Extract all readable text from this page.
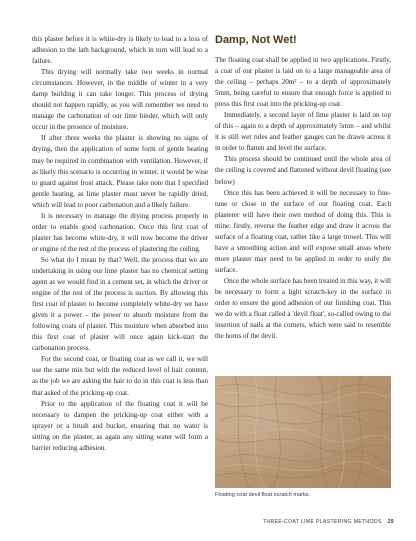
this plaster before it is white-dry is likely to lead to a loss of adhesion to the lath background, which in turn will lead to a failure.

This drying will normally take two weeks in normal circumstances. However, in the middle of winter in a very damp building it can take longer. This process of drying should not happen rapidly, as you will remember we need to manage the carbonation of our lime binder, which will only occur in the presence of moisture.

If after three weeks the plaster is showing no signs of drying, then the application of some form of gentle heating may be required in combination with ventilation. However, if as likely this scenario is occurring in winter, it would be wise to guard against frost attack. Please take note that I specified gentle heating, as lime plaster must never be rapidly dried, which will lead to poor carbonation and a likely failure.

It is necessary to manage the drying process properly in order to enable good carbonation. Once this first coat of plaster has become white-dry, it will now become the driver or engine of the rest of the process of plastering the ceiling.

So what do I mean by that? Well, the process that we are undertaking in using our lime plaster has no chemical setting agent as we would find in a cement set, in which the driver or engine of the rest of the process is suction. By allowing this first coat of plaster to become completely white-dry we have given it a power – the power to absorb moisture from the following coats of plaster. This moisture when absorbed into this first coat of plaster will once again kick-start the carbonation process.

For the second coat, or floating coat as we call it, we will use the same mix but with the reduced level of hair content, as the job we are asking the hair to do in this coat is less than that asked of the pricking-up coat.

Prior to the application of the floating coat it will be necessary to dampen the pricking-up coat either with a sprayer or a brush and bucket, ensuring that no water is sitting on the plaster, as again any sitting water will form a barrier reducing adhesion.

Damp, Not Wet!

The floating coat shall be applied in two applications. Firstly, a coat of our plaster is laid on to a large manageable area of the ceiling – perhaps 20m² – to a depth of approximately 5mm, being careful to ensure that enough force is applied to press this first coat into the pricking-up coat.

Immediately, a second layer of lime plaster is laid on top of this – again to a depth of approximately 5mm – and whilst it is still wet rules and feather gauges can be drawn across it in order to flatten and level the surface.

This process should be continued until the whole area of the ceiling is covered and flattened without devil floating (see below)

Once this has been achieved it will be necessary to fine-tune or close in the surface of our floating coat. Each plasterer will have their own method of doing this. This is mine: firstly, reverse the feather edge and draw it across the surface of a floating coat, rather like a large trowel. This will have a smoothing action and will expose small areas where more plaster may need to be applied in order to unify the surface.

Once the whole surface has been treated in this way, it will be necessary to form a light scratch-key in the surface in order to ensure the good adhesion of our finishing coat. This we do with a float called a 'devil float', so-called owing to the insertion of nails at the corners, which were said to resemble the horns of the devil.

Floating coat devil float scratch marks.
THREE-COAT LIME PLASTERING METHODS 29
